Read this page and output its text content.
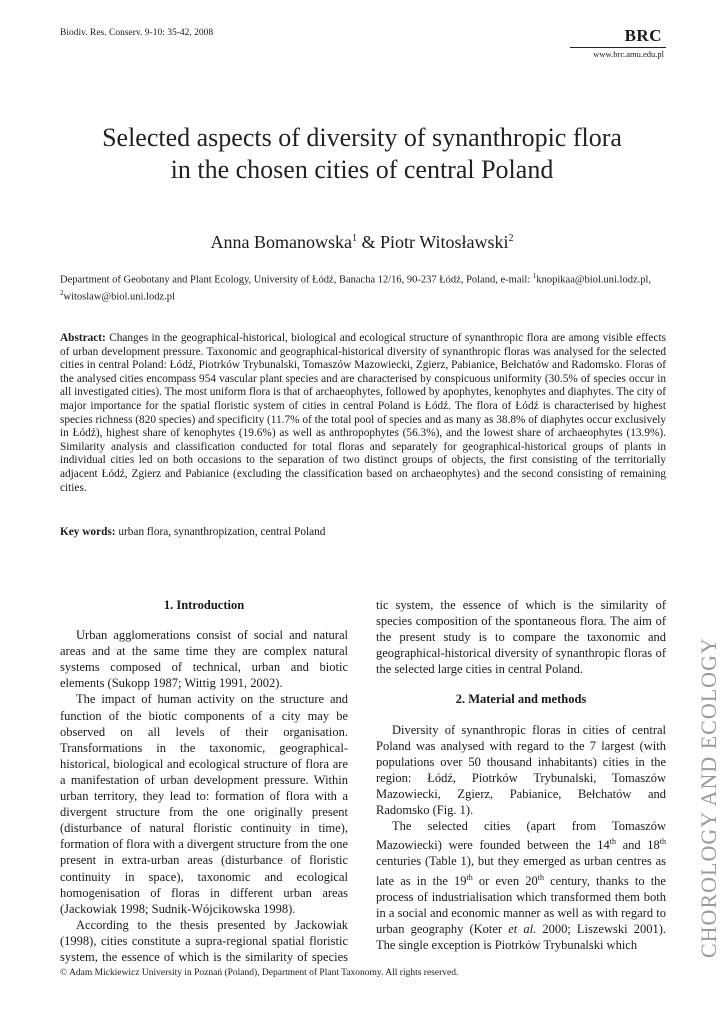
Biodiv. Res. Conserv. 9-10: 35-42, 2008	BRC
www.brc.amu.edu.pl
Selected aspects of diversity of synanthropic flora
in the chosen cities of central Poland
Anna Bomanowska$^1$ & Piotr Witosławski$^2$
Department of Geobotany and Plant Ecology, University of Łódź, Banacha 12/16, 90-237 Łódź, Poland, e-mail: $^1$knopikaa@biol.uni.lodz.pl,
$^2$witoslaw@biol.uni.lodz.pl
Abstract: Changes in the geographical-historical, biological and ecological structure of synanthropic flora are among visible effects of urban development pressure. Taxonomic and geographical-historical diversity of synanthropic floras was analysed for the selected cities in central Poland: Łódź, Piotrków Trybunalski, Tomaszów Mazowiecki, Zgierz, Pabianice, Bełchatów and Radomsko. Floras of the analysed cities encompass 954 vascular plant species and are characterised by conspicuous uniformity (30.5% of species occur in all investigated cities). The most uniform flora is that of archaeophytes, followed by apophytes, kenophytes and diaphytes. The city of major importance for the spatial floristic system of cities in central Poland is Łódź. The flora of Łódź is characterised by highest species richness (820 species) and specificity (11.7% of the total pool of species and as many as 38.8% of diaphytes occur exclusively in Łódź), highest share of kenophytes (19.6%) as well as anthropophytes (56.3%), and the lowest share of archaeophytes (13.9%). Similarity analysis and classification conducted for total floras and separately for geographical-historical groups of plants in individual cities led on both occasions to the separation of two distinct groups of objects, the first consisting of the territorially adjacent Łódź, Zgierz and Pabianice (excluding the classification based on archaeophytes) and the second consisting of remaining cities.
Key words: urban flora, synanthropization, central Poland

1. Introduction

Urban agglomerations consist of social and natural areas and at the same time they are complex natural systems composed of technical, urban and biotic elements (Sukopp 1987; Wittig 1991, 2002).

The impact of human activity on the structure and function of the biotic components of a city may be observed on all levels of their organisation. Transformations in the taxonomic, geographical-historical, biological and ecological structure of flora are a manifestation of urban development pressure. Within urban territory, they lead to: formation of flora with a divergent structure from the one originally present (disturbance of natural floristic continuity in time), formation of flora with a divergent structure from the one present in extra-urban areas (disturbance of floristic continuity in space), taxonomic and ecological homogenisation of floras in different urban areas (Jackowiak 1998; Sudnik-Wójcikowska 1998).

According to the thesis presented by Jackowiak (1998), cities constitute a supra-regional spatial floristic system, the essence of which is the similarity of species

tic system, the essence of which is the similarity of species composition of the spontaneous flora. The aim of the present study is to compare the taxonomic and geographical-historical diversity of synanthropic floras of the selected large cities in central Poland.

2. Material and methods

Diversity of synanthropic floras in cities of central Poland was analysed with regard to the 7 largest (with populations over 50 thousand inhabitants) cities in the region: Łódź, Piotrków Trybunalski, Tomaszów Mazowiecki, Zgierz, Pabianice, Bełchatów and Radomsko (Fig. 1).

The selected cities (apart from Tomaszów Mazowiecki) were founded between the 14th and 18th centuries (Table 1), but they emerged as urban centres as late as in the 19th or even 20th century, thanks to the process of industrialisation which transformed them both in a social and economic manner as well as with regard to urban geography (Koter et al. 2000; Liszewski 2001). The single exception is Piotrków Trybunalski which	CHOROLOGY AND ECOLOGY
© Adam Mickiewicz University in Poznań (Poland), Department of Plant Taxonomy. All rights reserved.
